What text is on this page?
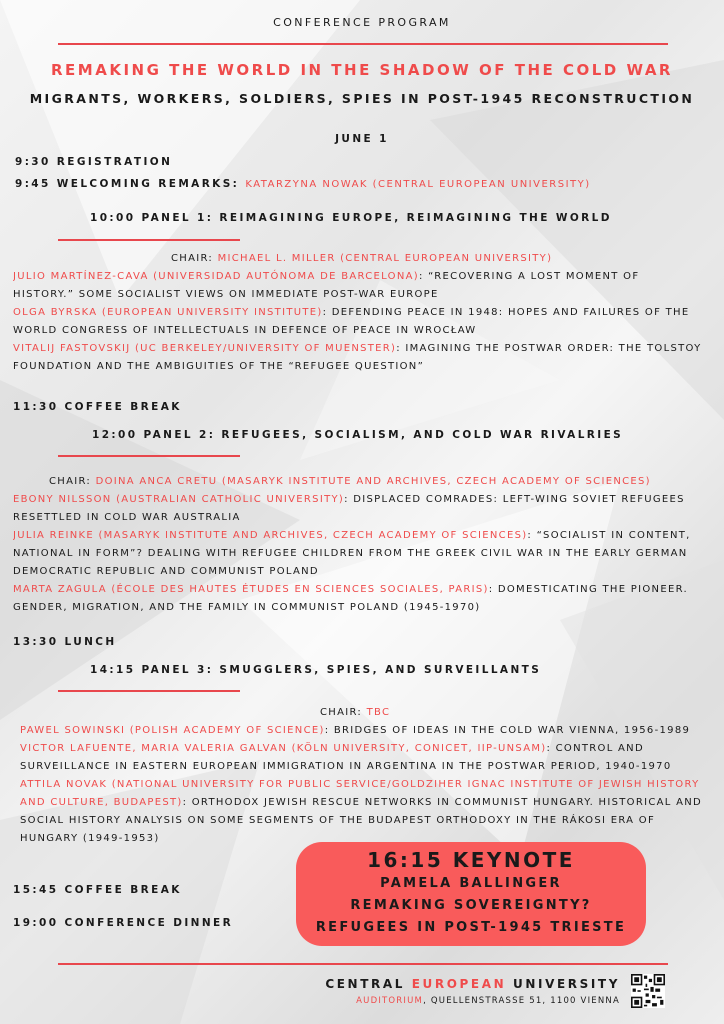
CONFERENCE PROGRAM
REMAKING THE WORLD IN THE SHADOW OF THE COLD WAR
MIGRANTS, WORKERS, SOLDIERS, SPIES IN POST-1945 RECONSTRUCTION
JUNE 1
9:30 REGISTRATION
9:45 WELCOMING REMARKS: KATARZYNA NOWAK (CENTRAL EUROPEAN UNIVERSITY)
10:00 PANEL 1: REIMAGINING EUROPE, REIMAGINING THE WORLD
CHAIR: MICHAEL L. MILLER (CENTRAL EUROPEAN UNIVERSITY)
JULIO MARTÍNEZ-CAVA (UNIVERSIDAD AUTÓNOMA DE BARCELONA): “RECOVERING A LOST MOMENT OF
HISTORY.” SOME SOCIALIST VIEWS ON IMMEDIATE POST-WAR EUROPE
OLGA BYRSKA (EUROPEAN UNIVERSITY INSTITUTE): DEFENDING PEACE IN 1948: HOPES AND FAILURES OF THE
WORLD CONGRESS OF INTELLECTUALS IN DEFENCE OF PEACE IN WROCŁAW
VITALIJ FASTOVSKIJ (UC BERKELEY/UNIVERSITY OF MUENSTER): IMAGINING THE POSTWAR ORDER: THE TOLSTOY
FOUNDATION AND THE AMBIGUITIES OF THE “REFUGEE QUESTION”
11:30 COFFEE BREAK
12:00 PANEL 2: REFUGEES, SOCIALISM, AND COLD WAR RIVALRIES
CHAIR: DOINA ANCA CRETU (MASARYK INSTITUTE AND ARCHIVES, CZECH ACADEMY OF SCIENCES)
EBONY NILSSON (AUSTRALIAN CATHOLIC UNIVERSITY): DISPLACED COMRADES: LEFT-WING SOVIET REFUGEES
RESETTLED IN COLD WAR AUSTRALIA
JULIA REINKE (MASARYK INSTITUTE AND ARCHIVES, CZECH ACADEMY OF SCIENCES): “SOCIALIST IN CONTENT,
NATIONAL IN FORM”? DEALING WITH REFUGEE CHILDREN FROM THE GREEK CIVIL WAR IN THE EARLY GERMAN
DEMOCRATIC REPUBLIC AND COMMUNIST POLAND
MARTA ZAGULA (ÉCOLE DES HAUTES ÉTUDES EN SCIENCES SOCIALES, PARIS): DOMESTICATING THE PIONEER.
GENDER, MIGRATION, AND THE FAMILY IN COMMUNIST POLAND (1945-1970)
13:30 LUNCH
14:15 PANEL 3: SMUGGLERS, SPIES, AND SURVEILLANTS
CHAIR: TBC
PAWEL SOWINSKI (POLISH ACADEMY OF SCIENCE): BRIDGES OF IDEAS IN THE COLD WAR VIENNA, 1956-1989
VICTOR LAFUENTE, MARIA VALERIA GALVAN (KÖLN UNIVERSITY, CONICET, IIP-UNSAM): CONTROL AND
SURVEILLANCE IN EASTERN EUROPEAN IMMIGRATION IN ARGENTINA IN THE POSTWAR PERIOD, 1940-1970
ATTILA NOVAK (NATIONAL UNIVERSITY FOR PUBLIC SERVICE/GOLDZIHER IGNAC INSTITUTE OF JEWISH HISTORY
AND CULTURE, BUDAPEST): ORTHODOX JEWISH RESCUE NETWORKS IN COMMUNIST HUNGARY. HISTORICAL AND
SOCIAL HISTORY ANALYSIS ON SOME SEGMENTS OF THE BUDAPEST ORTHODOXY IN THE RÁKOSI ERA OF
HUNGARY (1949-1953)
15:45 COFFEE BREAK
19:00 CONFERENCE DINNER
16:15 KEYNOTE
PAMELA BALLINGER
REMAKING SOVEREIGNTY?
REFUGEES IN POST-1945 TRIESTE
CENTRAL EUROPEAN UNIVERSITY
AUDITORIUM, QUELLENSTRASSE 51, 1100 VIENNA
